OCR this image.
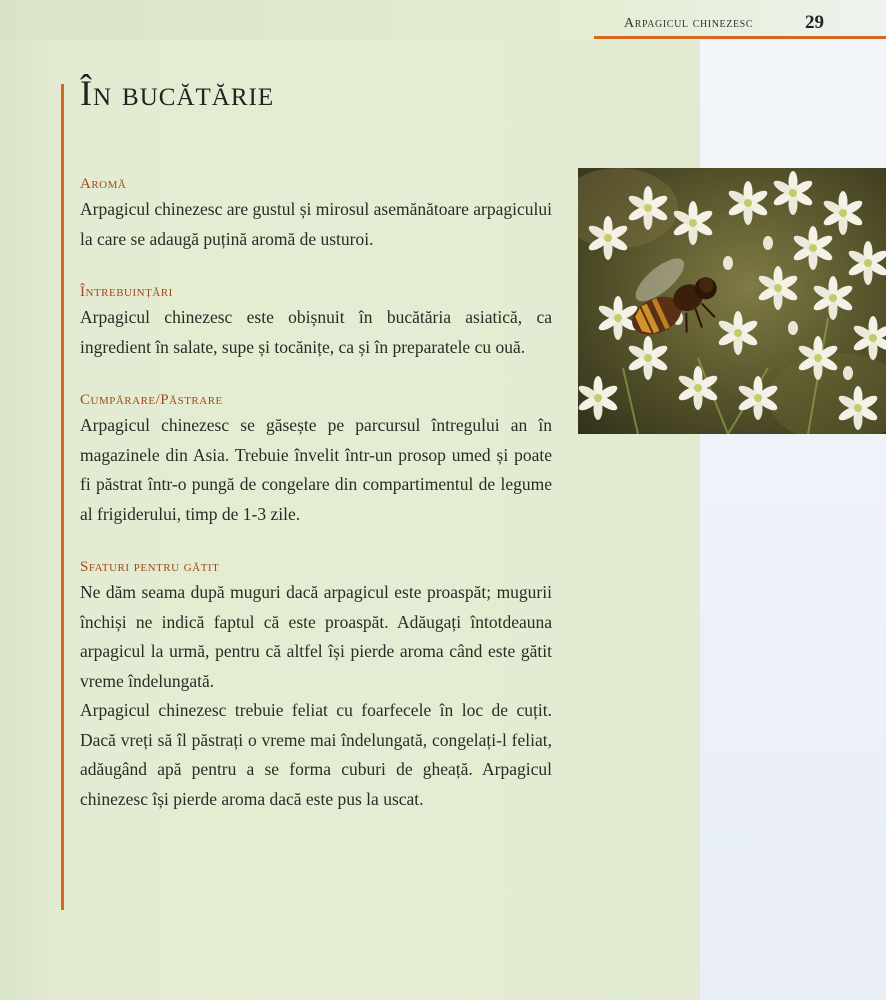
Arpagicul chinezesc	29
În bucătărie
Aromă

Arpagicul chinezesc are gustul și mirosul asemănătoare arpagicului la care se adaugă puțină aromă de usturoi.

Întrebuințări

Arpagicul chinezesc este obișnuit în bucătăria asiatică, ca ingredient în salate, supe și tocănițe, ca și în preparatele cu ouă.

Cumpărare/Păstrare

Arpagicul chinezesc se găsește pe parcursul întregului an în magazinele din Asia. Trebuie învelit într-un prosop umed și poate fi păstrat într-o pungă de congelare din compartimentul de legume al frigiderului, timp de 1-3 zile.

Sfaturi pentru gătit

Ne dăm seama după muguri dacă arpagicul este proaspăt; mugurii închiși ne indică faptul că este proaspăt. Adăugați întotdeauna arpagicul la urmă, pentru că altfel își pierde aroma când este gătit vreme îndelungată.

Arpagicul chinezesc trebuie feliat cu foarfecele în loc de cuțit. Dacă vreți să îl păstrați o vreme mai îndelungată, congelați-l feliat, adăugând apă pentru a se forma cuburi de gheață. Arpagicul chinezesc își pierde aroma dacă este pus la uscat.
